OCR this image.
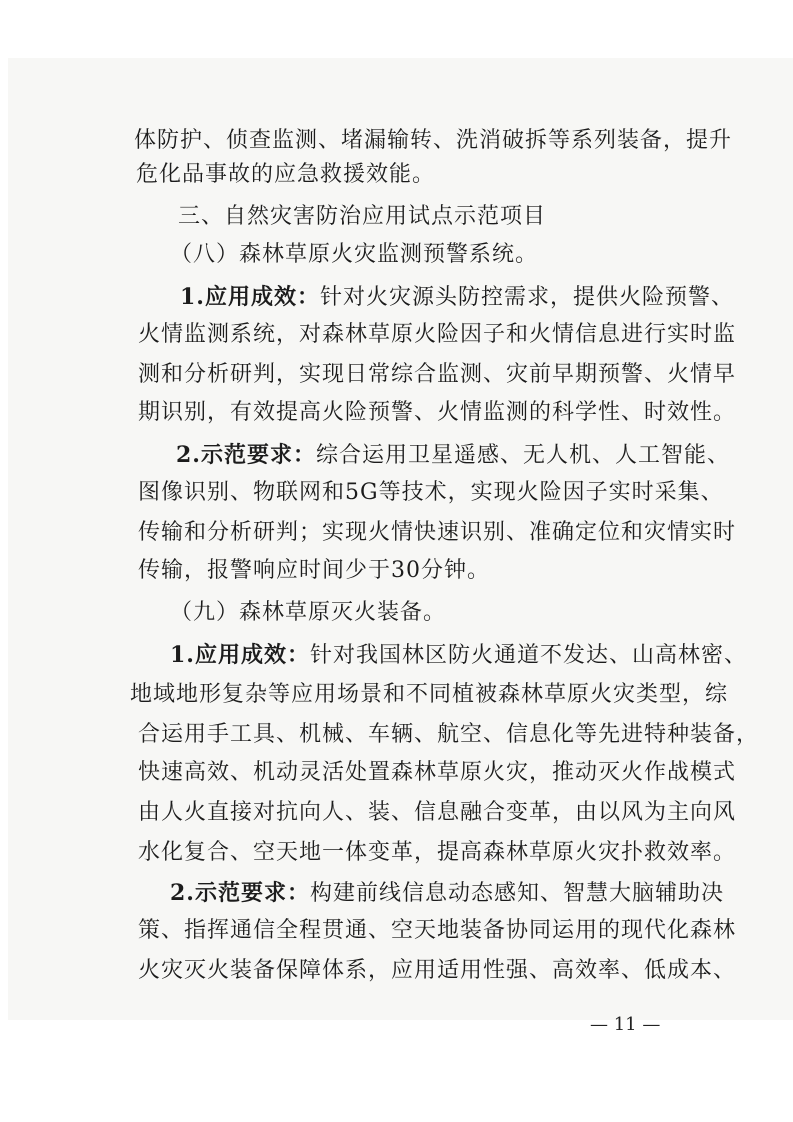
体防护、侦查监测、堵漏输转、洗消破拆等系列装备，提升
危化品事故的应急救援效能。
三、自然灾害防治应用试点示范项目
（八）森林草原火灾监测预警系统。
1.应用成效：针对火灾源头防控需求，提供火险预警、
火情监测系统，对森林草原火险因子和火情信息进行实时监
测和分析研判，实现日常综合监测、灾前早期预警、火情早
期识别，有效提高火险预警、火情监测的科学性、时效性。
2.示范要求：综合运用卫星遥感、无人机、人工智能、
图像识别、物联网和5G等技术，实现火险因子实时采集、
传输和分析研判；实现火情快速识别、准确定位和灾情实时
传输，报警响应时间少于30分钟。
（九）森林草原灭火装备。
1.应用成效：针对我国林区防火通道不发达、山高林密、
地域地形复杂等应用场景和不同植被森林草原火灾类型，综
合运用手工具、机械、车辆、航空、信息化等先进特种装备，
快速高效、机动灵活处置森林草原火灾，推动灭火作战模式
由人火直接对抗向人、装、信息融合变革，由以风为主向风
水化复合、空天地一体变革，提高森林草原火灾扑救效率。
2.示范要求：构建前线信息动态感知、智慧大脑辅助决
策、指挥通信全程贯通、空天地装备协同运用的现代化森林
火灾灭火装备保障体系，应用适用性强、高效率、低成本、
— 11 —
